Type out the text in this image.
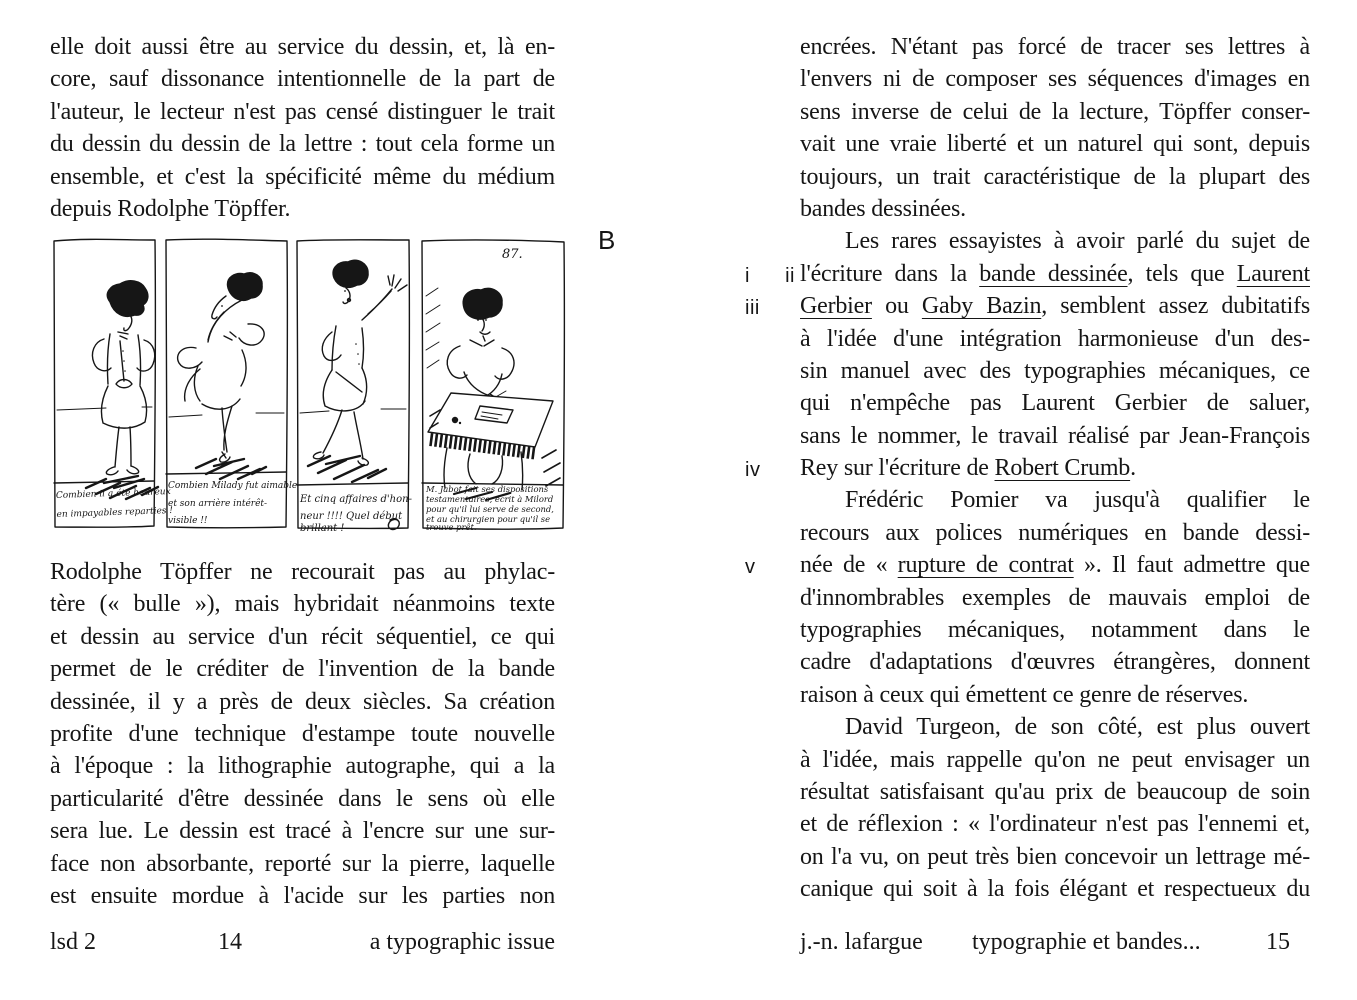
elle doit aussi être au service du dessin, et, là en-
core, sauf dissonance intentionnelle de la part de
l'auteur, le lecteur n'est pas censé distinguer le trait
du dessin du dessin de la lettre : tout cela forme un
ensemble, et c'est la spécificité même du médium
depuis Rodolphe Töpffer.
87.
Combien il a été heureux
en impayables reparties !
Combien Milady fut aimable
et son arrière intérêt-
visible !!
Et cinq affaires d'hon-
neur !!!! Quel début
brillant !
M. Jabot fait ses dispositions
testamentaires, écrit à Milord
pour qu'il lui serve de second,
et au chirurgien pour qu'il se
trouve prêt.
Rodolphe Töpffer ne recourait pas au phylac-
tère (« bulle »), mais hybridait néanmoins texte
et dessin au service d'un récit séquentiel, ce qui
permet de le créditer de l'invention de la bande
dessinée, il y a près de deux siècles. Sa création
profite d'une technique d'estampe toute nouvelle
à l'époque : la lithographie autographe, qui a la
particularité d'être dessinée dans le sens où elle
sera lue. Le dessin est tracé à l'encre sur une sur-
face non absorbante, reporté sur la pierre, laquelle
est ensuite mordue à l'acide sur les parties non
encrées. N'étant pas forcé de tracer ses lettres à
l'envers ni de composer ses séquences d'images en
sens inverse de celui de la lecture, Töpffer conser-
vait une vraie liberté et un naturel qui sont, depuis
toujours, un trait caractéristique de la plupart des
bandes dessinées.
Les rares essayistes à avoir parlé du sujet de
B
l'écriture dans la bande dessinée, tels que Laurent
i ii
Gerbier ou Gaby Bazin, semblent assez dubitatifs
iii
à l'idée d'une intégration harmonieuse d'un des-
sin manuel avec des typographies mécaniques, ce
qui n'empêche pas Laurent Gerbier de saluer,
sans le nommer, le travail réalisé par Jean-François
Rey sur l'écriture de Robert Crumb.
iv
Frédéric Pomier va jusqu'à qualifier le
recours aux polices numériques en bande dessi-
née de « rupture de contrat ». Il faut admettre que
v
d'innombrables exemples de mauvais emploi de
typographies mécaniques, notamment dans le
cadre d'adaptations d'œuvres étrangères, donnent
raison à ceux qui émettent ce genre de réserves.
David Turgeon, de son côté, est plus ouvert
à l'idée, mais rappelle qu'on ne peut envisager un
résultat satisfaisant qu'au prix de beaucoup de soin
et de réflexion : « l'ordinateur n'est pas l'ennemi et,
on l'a vu, on peut très bien concevoir un lettrage mé-
canique qui soit à la fois élégant et respectueux du
lsd 2	14	a typographic issue	j.-n. lafargue typographie et bandes...	15
